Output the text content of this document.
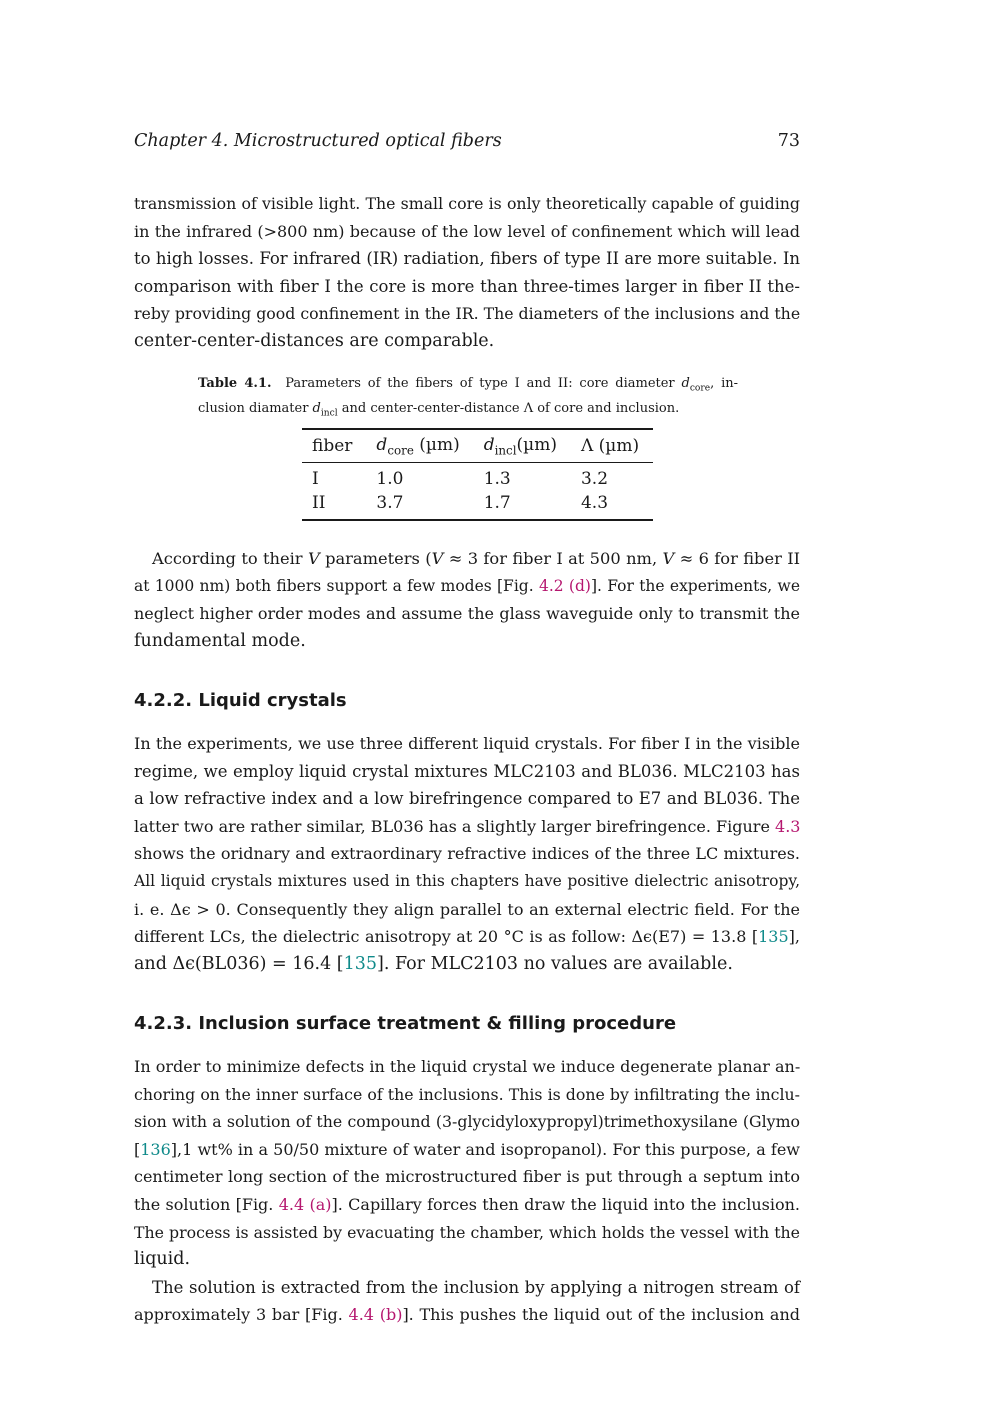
Chapter 4. Microstructured optical fibers	73
transmission of visible light. The small core is only theoretically capable of guiding
in the infrared (>800 nm) because of the low level of confinement which will lead
to high losses. For infrared (IR) radiation, fibers of type II are more suitable. In
comparison with fiber I the core is more than three-times larger in fiber II the-
reby providing good confinement in the IR. The diameters of the inclusions and the
center-center-distances are comparable.
Table 4.1. Parameters of the fibers of type I and II: core diameter $d_{core}$, in-
clusion diamater $d_{incl}$ and center-center-distance Λ of core and inclusion.
fiber	$d_{core}$ (µm)	$d_{incl}(\mu m)$	Λ (µm)
I	1.0	1.3	3.2
II	3.7	1.7	4.3
According to their V parameters (V ≈ 3 for fiber I at 500 nm, V ≈ 6 for fiber II
at 1000 nm) both fibers support a few modes [Fig. 4.2 (d)]. For the experiments, we
neglect higher order modes and assume the glass waveguide only to transmit the
fundamental mode.
4.2.2. Liquid crystals
In the experiments, we use three different liquid crystals. For fiber I in the visible
regime, we employ liquid crystal mixtures MLC2103 and BL036. MLC2103 has
a low refractive index and a low birefringence compared to E7 and BL036. The
latter two are rather similar, BL036 has a slightly larger birefringence. Figure 4.3
shows the oridnary and extraordinary refractive indices of the three LC mixtures.
All liquid crystals mixtures used in this chapters have positive dielectric anisotropy,
i. e. Δϵ > 0. Consequently they align parallel to an external electric field. For the
different LCs, the dielectric anisotropy at 20 °C is as follow: Δϵ(E7) = 13.8 [135],
and Δϵ(BL036) = 16.4 [135]. For MLC2103 no values are available.
4.2.3. Inclusion surface treatment & filling procedure
In order to minimize defects in the liquid crystal we induce degenerate planar an-
choring on the inner surface of the inclusions. This is done by infiltrating the inclu-
sion with a solution of the compound (3-glycidyloxypropyl)trimethoxysilane (Glymo
[136],1 wt% in a 50/50 mixture of water and isopropanol). For this purpose, a few
centimeter long section of the microstructured fiber is put through a septum into
the solution [Fig. 4.4 (a)]. Capillary forces then draw the liquid into the inclusion.
The process is assisted by evacuating the chamber, which holds the vessel with the
liquid.
The solution is extracted from the inclusion by applying a nitrogen stream of
approximately 3 bar [Fig. 4.4 (b)]. This pushes the liquid out of the inclusion and
